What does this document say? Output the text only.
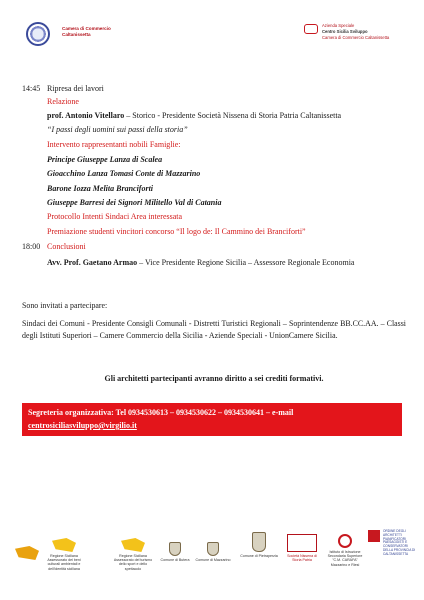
Camera di Commercio
Caltanissetta
Azienda Speciale
Centro Sicilia Sviluppo
Camera di Commercio Caltanissetta
14:45 Ripresa dei lavori
Relazione
prof. Antonio Vitellaro – Storico - Presidente Società Nissena di Storia Patria Caltanissetta
“I passi degli uomini sui passi della storia”
Intervento rappresentanti nobili Famiglie:
Principe Giuseppe Lanza di Scalea
Gioacchino Lanza Tomasi Conte di Mazzarino
Barone Iozza Melita Branciforti
Giuseppe Barresi dei Signori Militello Val di Catania
Protocollo Intenti Sindaci Area interessata
Premiazione studenti vincitori concorso “Il logo de: Il Cammino dei Branciforti”
18:00 Conclusioni
Avv. Prof. Gaetano Armao – Vice Presidente Regione Sicilia – Assessore Regionale Economia
Sono invitati a partecipare:
Sindaci dei Comuni - Presidente Consigli Comunali - Distretti Turistici Regionali – Soprintendenze BB.CC.AA. – Classi degli Istituti Superiori – Camere Commercio della Sicilia - Aziende Speciali - UnionCamere Sicilia.
Gli architetti partecipanti avranno diritto a sei crediti formativi.
Segreteria organizzativa: Tel 0934530613 – 0934530622 – 0934530641 – e-mail
centrosiciliasviluppo@virgilio.it
Regione Siciliana Assessorato dei beni culturali ambientali e dell'identità siciliana
Regione Siciliana Assessorato del turismo dello sport e dello spettacolo
Comune di Butera	Comune di Mazzarino
Comune di Pietraperzia	Società Nissena di Storia Patria
Istituto di Istruzione Secondaria Superiore "C.M. CARAFA" Mazzarino e Riesi
ORDINE DEGLI ARCHITETTI PIANIFICATORI PAESAGGISTI E CONSERVATORI DELLA PROVINCIA DI CALTANISSETTA
